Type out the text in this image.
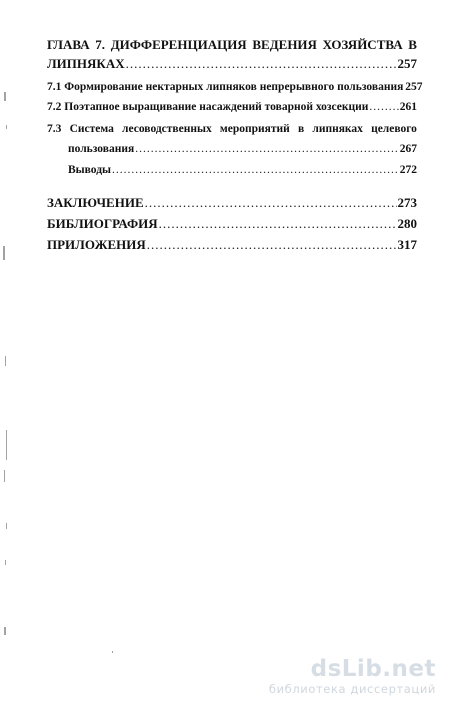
ГЛАВА 7. ДИФФЕРЕНЦИАЦИЯ ВЕДЕНИЯ ХОЗЯЙСТВА В
ЛИПНЯКАХ .....	257
7.1 Формирование нектарных липняков непрерывного пользования 257
7.2 Поэтапное выращивание насаждений товарной хозсекции .....	261
7.3 Система лесоводственных мероприятий в липняках целевого
пользования .....	267
Выводы .....	272
ЗАКЛЮЧЕНИЕ .....	273
БИБЛИОГРАФИЯ .....	280
ПРИЛОЖЕНИЯ .....	317
dsLib.net
библиотека диссертаций
